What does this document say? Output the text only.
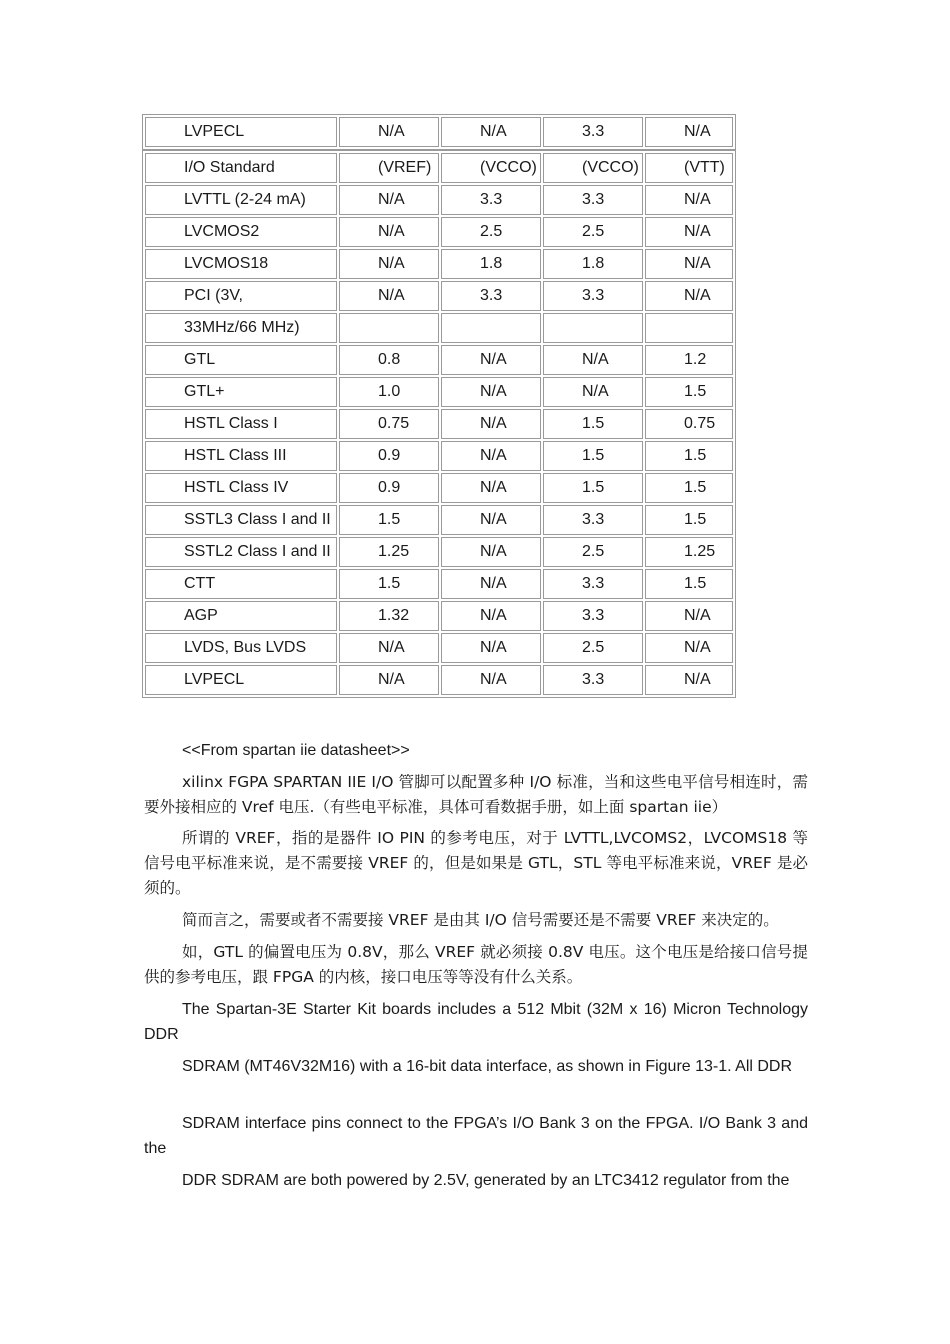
LVPECL	N/A	N/A	3.3	N/A
I/O Standard	(VREF)	(VCCO)	(VCCO)	(VTT)
LVTTL (2-24 mA)	N/A	3.3	3.3	N/A
LVCMOS2	N/A	2.5	2.5	N/A
LVCMOS18	N/A	1.8	1.8	N/A
PCI (3V,	N/A	3.3	3.3	N/A
33MHz/66 MHz)				
GTL	0.8	N/A	N/A	1.2
GTL+	1.0	N/A	N/A	1.5
HSTL Class I	0.75	N/A	1.5	0.75
HSTL Class III	0.9	N/A	1.5	1.5
HSTL Class IV	0.9	N/A	1.5	1.5
SSTL3 Class I and II	1.5	N/A	3.3	1.5
SSTL2 Class I and II	1.25	N/A	2.5	1.25
CTT	1.5	N/A	3.3	1.5
AGP	1.32	N/A	3.3	N/A
LVDS, Bus LVDS	N/A	N/A	2.5	N/A
LVPECL	N/A	N/A	3.3	N/A

<<From spartan iie datasheet>>

xilinx FGPA SPARTAN IIE I/O 管脚可以配置多种 I/O 标准，当和这些电平信号相连时，需要外接相应的 Vref 电压.（有些电平标准，具体可看数据手册，如上面 spartan iie）

所谓的 VREF，指的是器件 IO PIN 的参考电压，对于 LVTTL,LVCOMS2，LVCOMS18 等信号电平标准来说，是不需要接 VREF 的，但是如果是 GTL，STL 等电平标准来说，VREF 是必须的。

简而言之，需要或者不需要接 VREF 是由其 I/O 信号需要还是不需要 VREF 来决定的。

如，GTL 的偏置电压为 0.8V，那么 VREF 就必须接 0.8V 电压。这个电压是给接口信号提供的参考电压，跟 FPGA 的内核，接口电压等等没有什么关系。

The Spartan-3E Starter Kit boards includes a 512 Mbit (32M x 16) Micron Technology DDR

SDRAM (MT46V32M16) with a 16-bit data interface, as shown in Figure 13-1. All DDR

SDRAM interface pins connect to the FPGA’s I/O Bank 3 on the FPGA. I/O Bank 3 and the

DDR SDRAM are both powered by 2.5V, generated by an LTC3412 regulator from the
